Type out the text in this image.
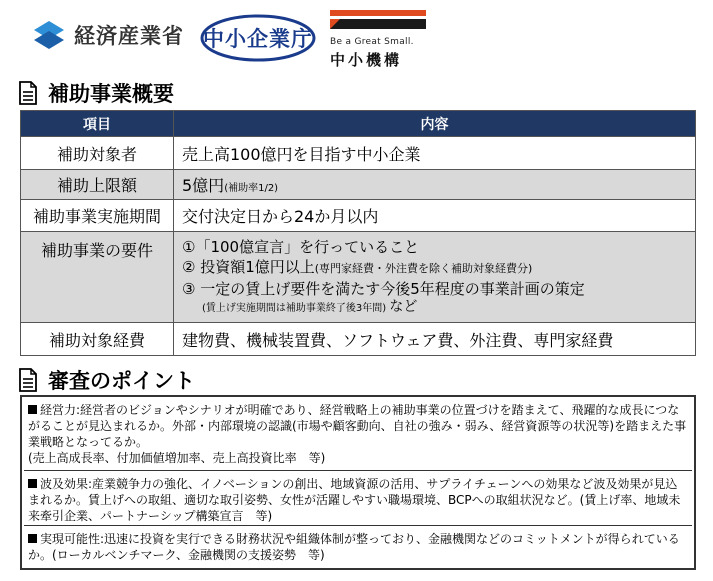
経済産業省 中小企業庁	Be a Great Small.
中小機構
補助事業概要
項目	内容
補助対象者	売上高100億円を目指す中小企業
補助上限額	5億円(補助率1/2)
補助事業実施期間	交付決定日から24か月以内
補助事業の要件	①「100億宣言」を行っていること
② 投資額1億円以上(専門家経費・外注費を除く補助対象経費分)
③ 一定の賃上げ要件を満たす今後5年程度の事業計画の策定
(賃上げ実施期間は補助事業終了後3年間) など

補助対象経費	建物費、機械装置費、ソフトウェア費、外注費、専門家経費
審査のポイント
経営力:経営者のビジョンやシナリオが明確であり、経営戦略上の補助事業の位置づけを踏まえて、飛躍的な成長につながることが見込まれるか。外部・内部環境の認識(市場や顧客動向、自社の強み・弱み、経営資源等の状況等)を踏まえた事業戦略となってるか。
(売上高成長率、付加価値増加率、売上高投資比率　等)
波及効果:産業競争力の強化、イノベーションの創出、地域資源の活用、サプライチェーンへの効果など波及効果が見込まれるか。賃上げへの取組、適切な取引姿勢、女性が活躍しやすい職場環境、BCPへの取組状況など。(賃上げ率、地域未来牽引企業、パートナーシップ構築宣言　等)
実現可能性:迅速に投資を実行できる財務状況や組織体制が整っており、金融機関などのコミットメントが得られているか。(ローカルベンチマーク、金融機関の支援姿勢　等)
